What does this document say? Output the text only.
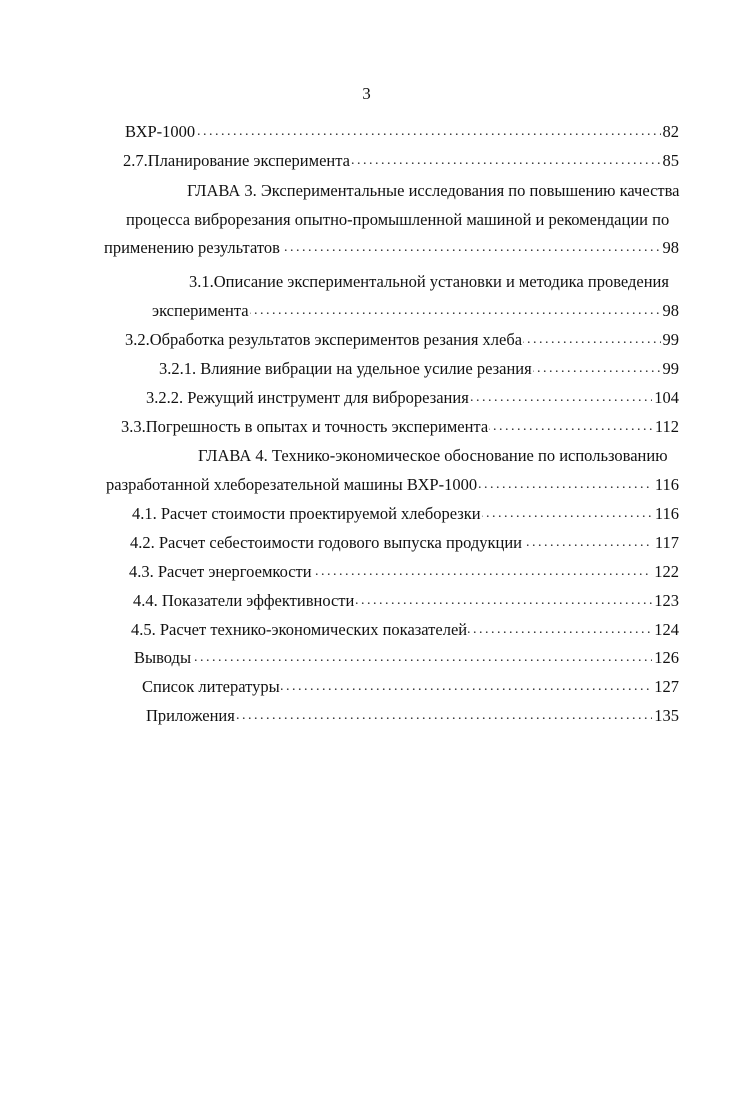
3
. . . ВХР-1000	82
. . . 2.7.Планирование эксперимента	85
ГЛАВА 3. Экспериментальные исследования по повышению качества
процесса виброрезания опытно-промышленной машиной и рекомендации по
. . . применению результатов	98
3.1.Описание экспериментальной установки и методика проведения
. . . эксперимента	98
. . . 3.2.Обработка результатов экспериментов резания хлеба	99
. . . 3.2.1. Влияние вибрации на удельное усилие резания	99
. . . 3.2.2. Режущий инструмент для виброрезания	104
. . . 3.3.Погрешность в опытах и точность эксперимента	112
ГЛАВА 4. Технико-экономическое обоснование по использованию
. . . разработанной хлеборезательной машины ВХР-1000	116
. . . 4.1. Расчет стоимости проектируемой хлеборезки	116
. . . 4.2. Расчет себестоимости годового выпуска продукции	117
. . . 4.3. Расчет энергоемкости	122
. . . 4.4. Показатели эффективности	123
. . . 4.5. Расчет технико-экономических показателей	124
. . . Выводы	126
. . . Список литературы	127
. . . Приложения	135
